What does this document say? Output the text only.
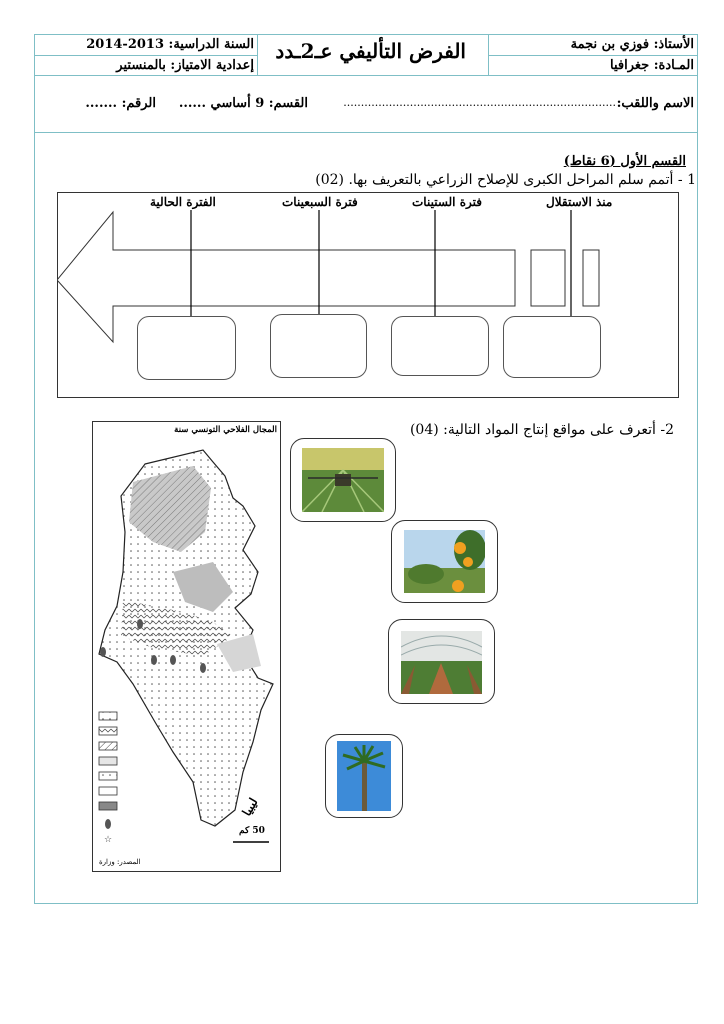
الأستاذ: فوزي بن نجمة
المـادة: جغرافيا
الفرض التأليفي عـ2ـدد
السنة الدراسية: 2013-2014
إعدادية الامتياز: بالمنستير
الاسم واللقب:
..............................................................................
القسم: 9 أساسي ......
الرقم: .......
القسم الأول (6 نقاط)
1 - أتمم سلم المراحل الكبرى للإصلاح الزراعي بالتعريف بها. (02)
منذ الاستقلال
فترة الستينات
فترة السبعينات
الفترة الحالية
2- أتعرف على مواقع إنتاج المواد التالية: (04)
المجال الفلاحي التونسي سنة
☆
ليبيا
50 كم
المصدر: وزارة
